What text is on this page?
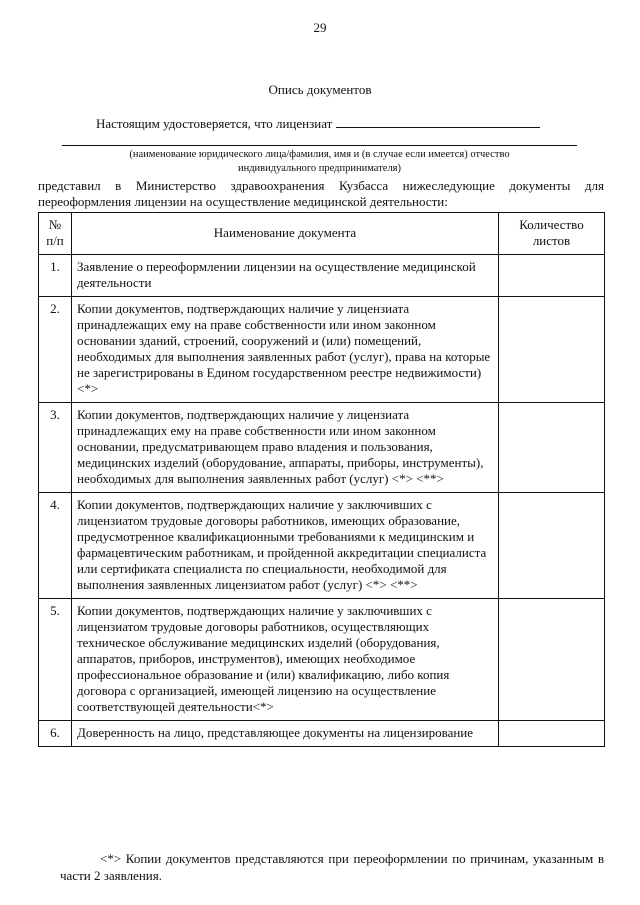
29
Опись документов
Настоящим удостоверяется, что лицензиат
(наименование юридического лица/фамилия, имя и (в случае если имеется) отчество
индивидуального предпринимателя)
представил в Министерство здравоохранения Кузбасса нижеследующие документы для переоформления лицензии на осуществление медицинской деятельности:
№ п/п	Наименование документа	Количество листов
1.	Заявление о переоформлении лицензии на осуществление медицинской деятельности	
2.	Копии документов, подтверждающих наличие у лицензиата принадлежащих ему на праве собственности или ином законном основании зданий, строений, сооружений и (или) помещений, необходимых для выполнения заявленных работ (услуг), права на которые не зарегистрированы в Едином государственном реестре недвижимости) <*>	
3.	Копии документов, подтверждающих наличие у лицензиата принадлежащих ему на праве собственности или ином законном основании, предусматривающем право владения и пользования, медицинских изделий (оборудование, аппараты, приборы, инструменты), необходимых для выполнения заявленных работ (услуг) <*> <**>	
4.	Копии документов, подтверждающих наличие у заключивших с лицензиатом трудовые договоры работников, имеющих образование, предусмотренное квалификационными требованиями к медицинским и фармацевтическим работникам, и пройденной аккредитации специалиста или сертификата специалиста по специальности, необходимой для выполнения заявленных лицензиатом работ (услуг) <*> <**>	
5.	Копии документов, подтверждающих наличие у заключивших с лицензиатом трудовые договоры работников, осуществляющих техническое обслуживание медицинских изделий (оборудования, аппаратов, приборов, инструментов), имеющих необходимое профессиональное образование и (или) квалификацию, либо копия договора с организацией, имеющей лицензию на осуществление соответствующей деятельности<*>	
6.	Доверенность на лицо, представляющее документы на лицензирование	
<*> Копии документов представляются при переоформлении по причинам, указанным в части 2 заявления.
